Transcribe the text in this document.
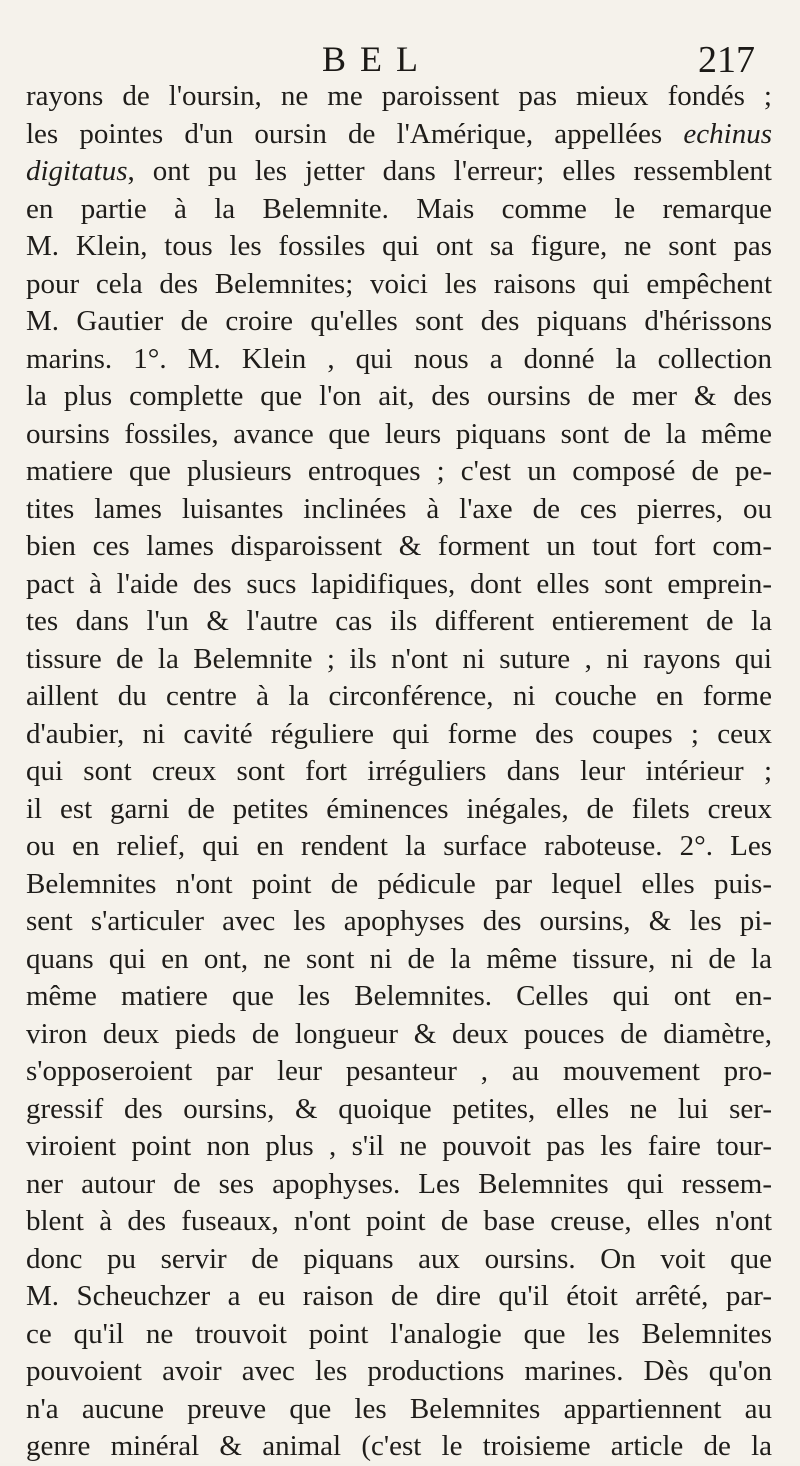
BEL	217
rayons de l'oursin, ne me paroissent pas mieux fondés ;
les pointes d'un oursin de l'Amérique, appellées echinus
digitatus, ont pu les jetter dans l'erreur; elles ressemblent
en partie à la Belemnite. Mais comme le remarque
M. Klein, tous les fossiles qui ont sa figure, ne sont pas
pour cela des Belemnites; voici les raisons qui empêchent
M. Gautier de croire qu'elles sont des piquans d'hérissons
marins. 1°. M. Klein , qui nous a donné la collection
la plus complette que l'on ait, des oursins de mer & des
oursins fossiles, avance que leurs piquans sont de la même
matiere que plusieurs entroques ; c'est un composé de pe-
tites lames luisantes inclinées à l'axe de ces pierres, ou
bien ces lames disparoissent & forment un tout fort com-
pact à l'aide des sucs lapidifiques, dont elles sont emprein-
tes dans l'un & l'autre cas ils different entierement de la
tissure de la Belemnite ; ils n'ont ni suture , ni rayons qui
aillent du centre à la circonférence, ni couche en forme
d'aubier, ni cavité réguliere qui forme des coupes ; ceux
qui sont creux sont fort irréguliers dans leur intérieur ;
il est garni de petites éminences inégales, de filets creux
ou en relief, qui en rendent la surface raboteuse. 2°. Les
Belemnites n'ont point de pédicule par lequel elles puis-
sent s'articuler avec les apophyses des oursins, & les pi-
quans qui en ont, ne sont ni de la même tissure, ni de la
même matiere que les Belemnites. Celles qui ont en-
viron deux pieds de longueur & deux pouces de diamètre,
s'opposeroient par leur pesanteur , au mouvement pro-
gressif des oursins, & quoique petites, elles ne lui ser-
viroient point non plus , s'il ne pouvoit pas les faire tour-
ner autour de ses apophyses. Les Belemnites qui ressem-
blent à des fuseaux, n'ont point de base creuse, elles n'ont
donc pu servir de piquans aux oursins. On voit que
M. Scheuchzer a eu raison de dire qu'il étoit arrêté, par-
ce qu'il ne trouvoit point l'analogie que les Belemnites
pouvoient avoir avec les productions marines. Dès qu'on
n'a aucune preuve que les Belemnites appartiennent au
genre minéral & animal (c'est le troisieme article de la
